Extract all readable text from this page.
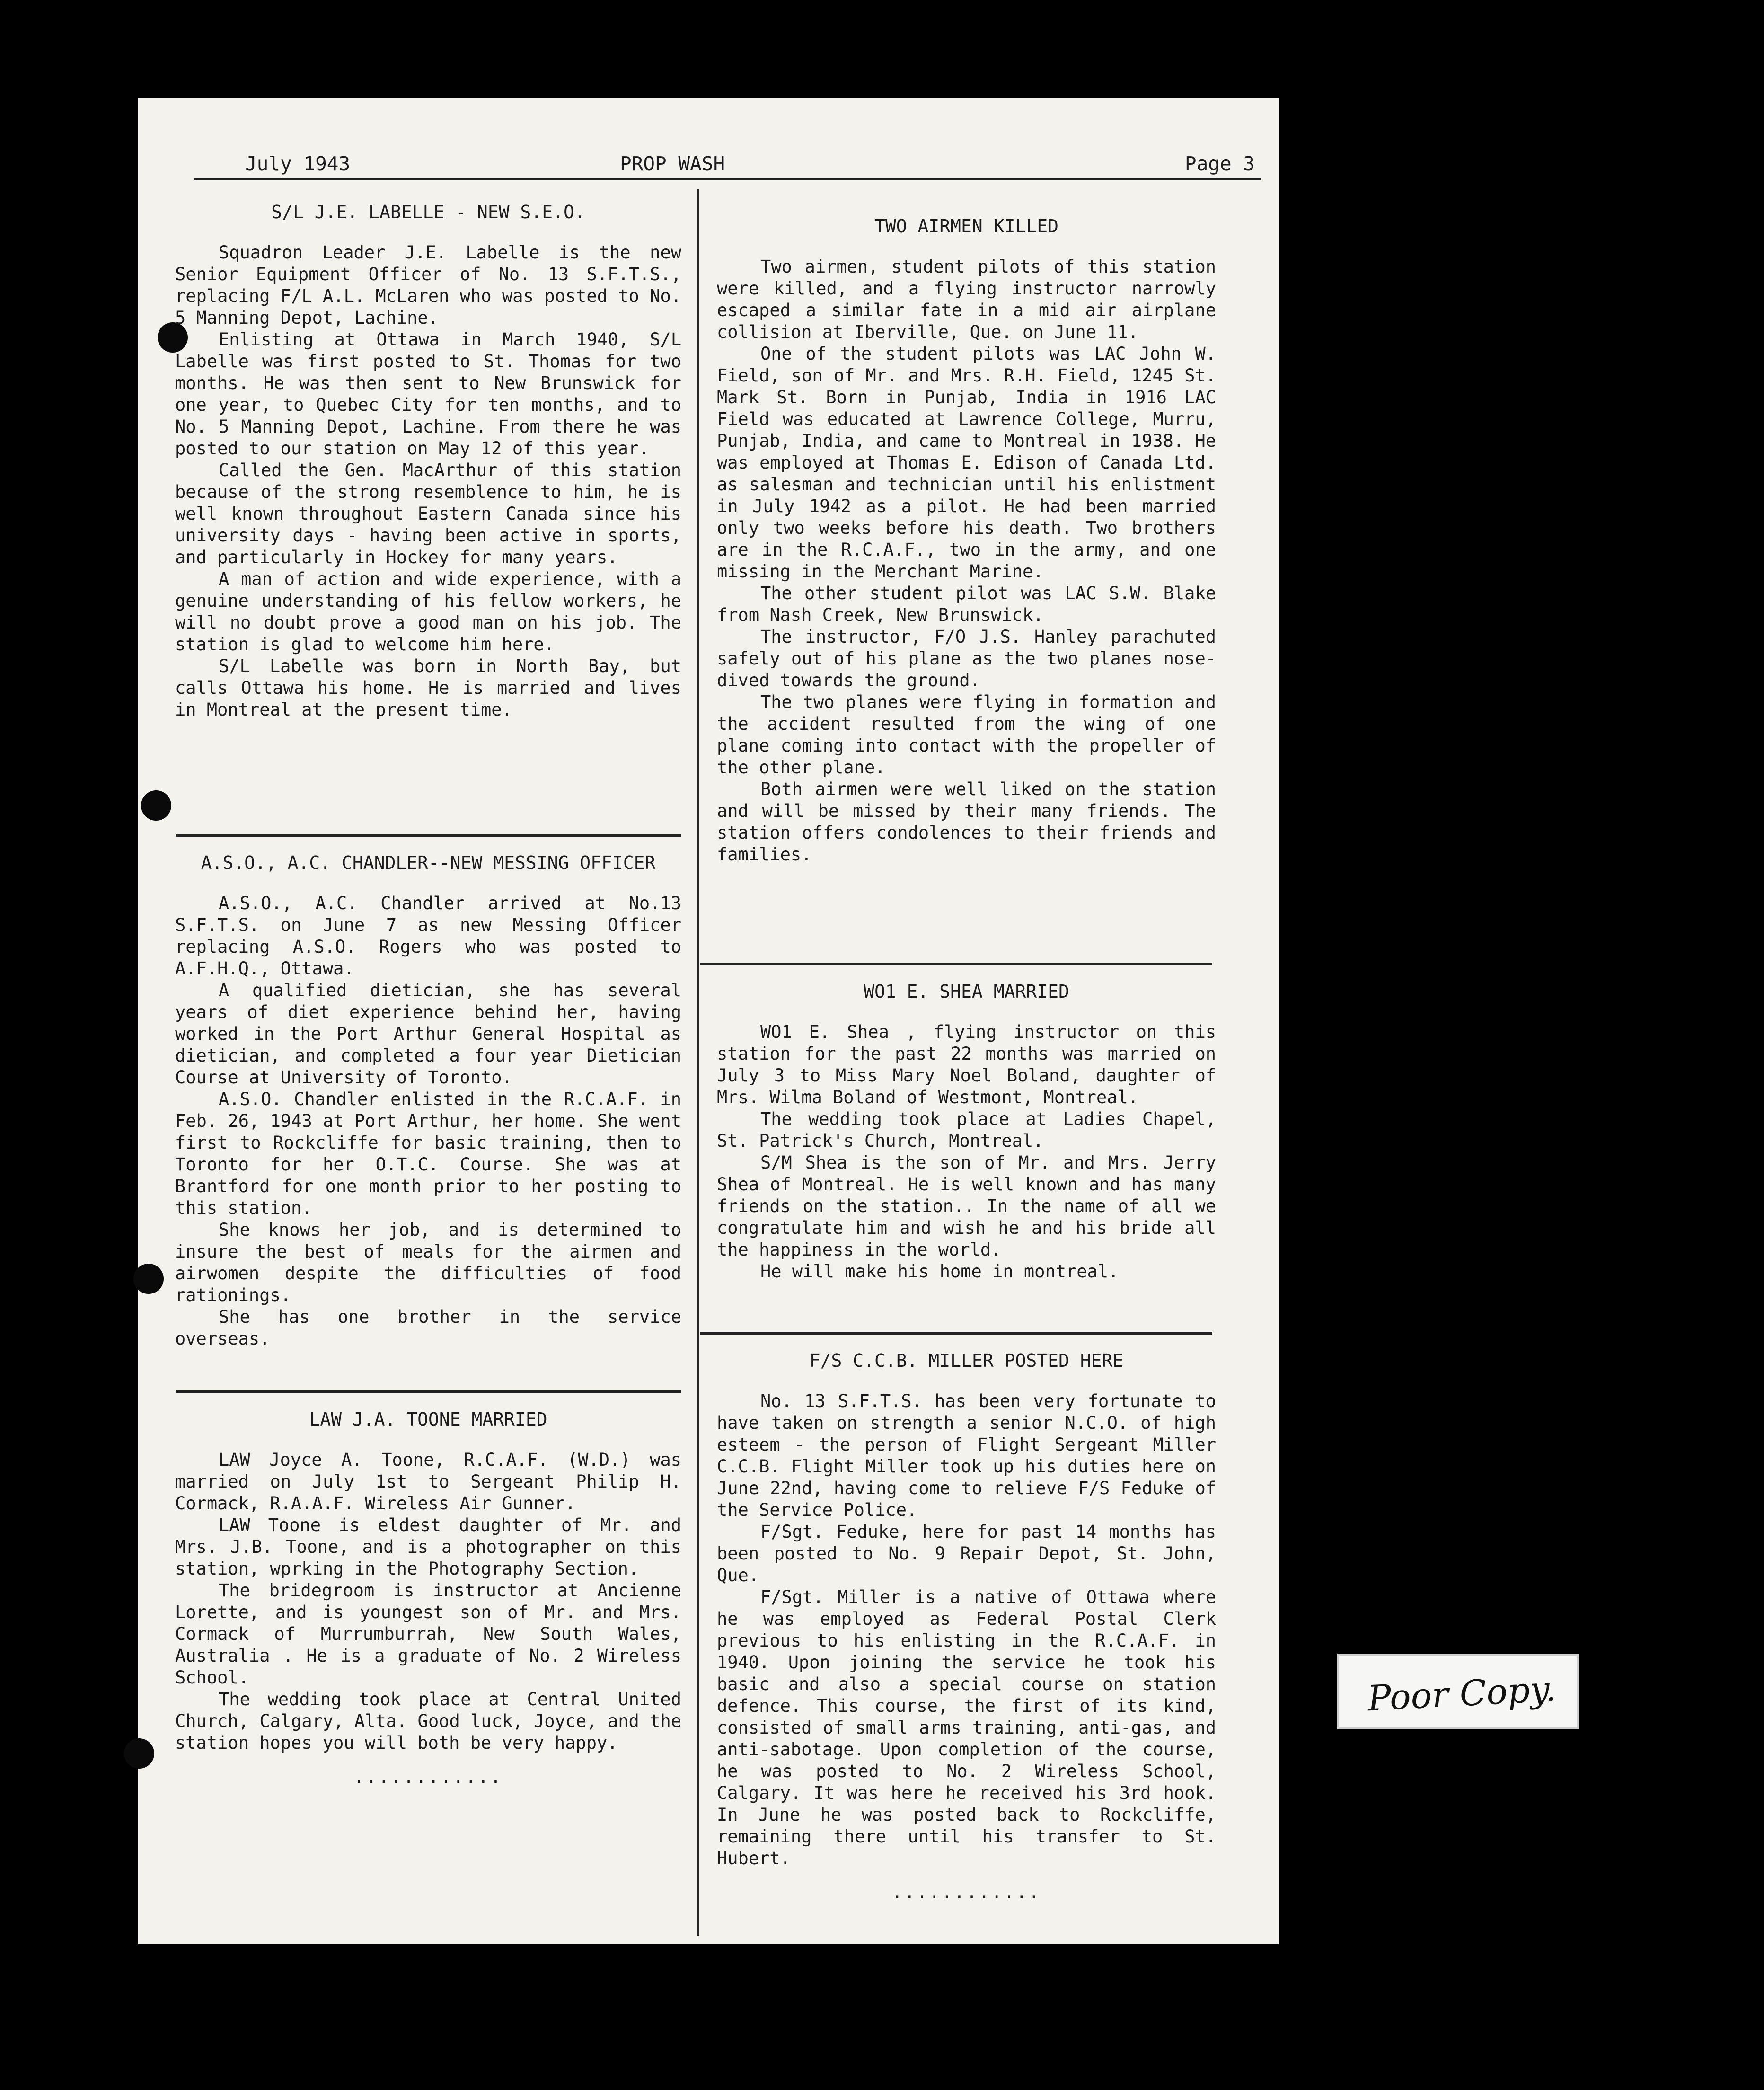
July 1943	PROP WASH	Page 3
S/L J.E. LABELLE - NEW S.E.O.

Squadron Leader J.E. Labelle is the new Senior Equipment Officer of No. 13 S.F.T.S., replacing F/L A.L. McLaren who was posted to No. 5 Manning Depot, Lachine.

Enlisting at Ottawa in March 1940, S/L Labelle was first posted to St. Thomas for two months. He was then sent to New Brunswick for one year, to Quebec City for ten months, and to No. 5 Manning Depot, Lachine. From there he was posted to our station on May 12 of this year.

Called the Gen. MacArthur of this station because of the strong resemblence to him, he is well known throughout Eastern Canada since his university days - having been active in sports, and particularly in Hockey for many years.

A man of action and wide experience, with a genuine understanding of his fellow workers, he will no doubt prove a good man on his job. The station is glad to welcome him here.

S/L Labelle was born in North Bay, but calls Ottawa his home. He is married and lives in Montreal at the present time.

A.S.O., A.C. CHANDLER--NEW MESSING OFFICER

A.S.O., A.C. Chandler arrived at No.13 S.F.T.S. on June 7 as new Messing Officer replacing A.S.O. Rogers who was posted to A.F.H.Q., Ottawa.

A qualified dietician, she has several years of diet experience behind her, having worked in the Port Arthur General Hospital as dietician, and completed a four year Dietician Course at University of Toronto.

A.S.O. Chandler enlisted in the R.C.A.F. in Feb. 26, 1943 at Port Arthur, her home. She went first to Rockcliffe for basic training, then to Toronto for her O.T.C. Course. She was at Brantford for one month prior to her posting to this station.

She knows her job, and is determined to insure the best of meals for the airmen and airwomen despite the difficulties of food rationings.

She has one brother in the service overseas.

LAW J.A. TOONE MARRIED

LAW Joyce A. Toone, R.C.A.F. (W.D.) was married on July 1st to Sergeant Philip H. Cormack, R.A.A.F. Wireless Air Gunner.

LAW Toone is eldest daughter of Mr. and Mrs. J.B. Toone, and is a photographer on this station, wprking in the Photography Section.

The bridegroom is instructor at Ancienne Lorette, and is youngest son of Mr. and Mrs. Cormack of Murrumburrah, New South Wales, Australia . He is a graduate of No. 2 Wireless School.

The wedding took place at Central United Church, Calgary, Alta. Good luck, Joyce, and the station hopes you will both be very happy.

............
TWO AIRMEN KILLED

Two airmen, student pilots of this station were killed, and a flying instructor narrowly escaped a similar fate in a mid air airplane collision at Iberville, Que. on June 11.

One of the student pilots was LAC John W. Field, son of Mr. and Mrs. R.H. Field, 1245 St. Mark St. Born in Punjab, India in 1916 LAC Field was educated at Lawrence College, Murru, Punjab, India, and came to Montreal in 1938. He was employed at Thomas E. Edison of Canada Ltd. as salesman and technician until his enlistment in July 1942 as a pilot. He had been married only two weeks before his death. Two brothers are in the R.C.A.F., two in the army, and one missing in the Merchant Marine.

The other student pilot was LAC S.W. Blake from Nash Creek, New Brunswick.

The instructor, F/O J.S. Hanley parachuted safely out of his plane as the two planes nose-dived towards the ground.

The two planes were flying in formation and the accident resulted from the wing of one plane coming into contact with the propeller of the other plane.

Both airmen were well liked on the station and will be missed by their many friends. The station offers condolences to their friends and families.

WO1 E. SHEA MARRIED

WO1 E. Shea , flying instructor on this station for the past 22 months was married on July 3 to Miss Mary Noel Boland, daughter of Mrs. Wilma Boland of Westmont, Montreal.

The wedding took place at Ladies Chapel, St. Patrick's Church, Montreal.

S/M Shea is the son of Mr. and Mrs. Jerry Shea of Montreal. He is well known and has many friends on the station.. In the name of all we congratulate him and wish he and his bride all the happiness in the world.

He will make his home in montreal.

F/S C.C.B. MILLER POSTED HERE

No. 13 S.F.T.S. has been very fortunate to have taken on strength a senior N.C.O. of high esteem - the person of Flight Sergeant Miller C.C.B. Flight Miller took up his duties here on June 22nd, having come to relieve F/S Feduke of the Service Police.

F/Sgt. Feduke, here for past 14 months has been posted to No. 9 Repair Depot, St. John, Que.

F/Sgt. Miller is a native of Ottawa where he was employed as Federal Postal Clerk previous to his enlisting in the R.C.A.F. in 1940. Upon joining the service he took his basic and also a special course on station defence. This course, the first of its kind, consisted of small arms training, anti-gas, and anti-sabotage. Upon completion of the course, he was posted to No. 2 Wireless School, Calgary. It was here he received his 3rd hook. In June he was posted back to Rockcliffe, remaining there until his transfer to St. Hubert.

............
Poor Copy.
